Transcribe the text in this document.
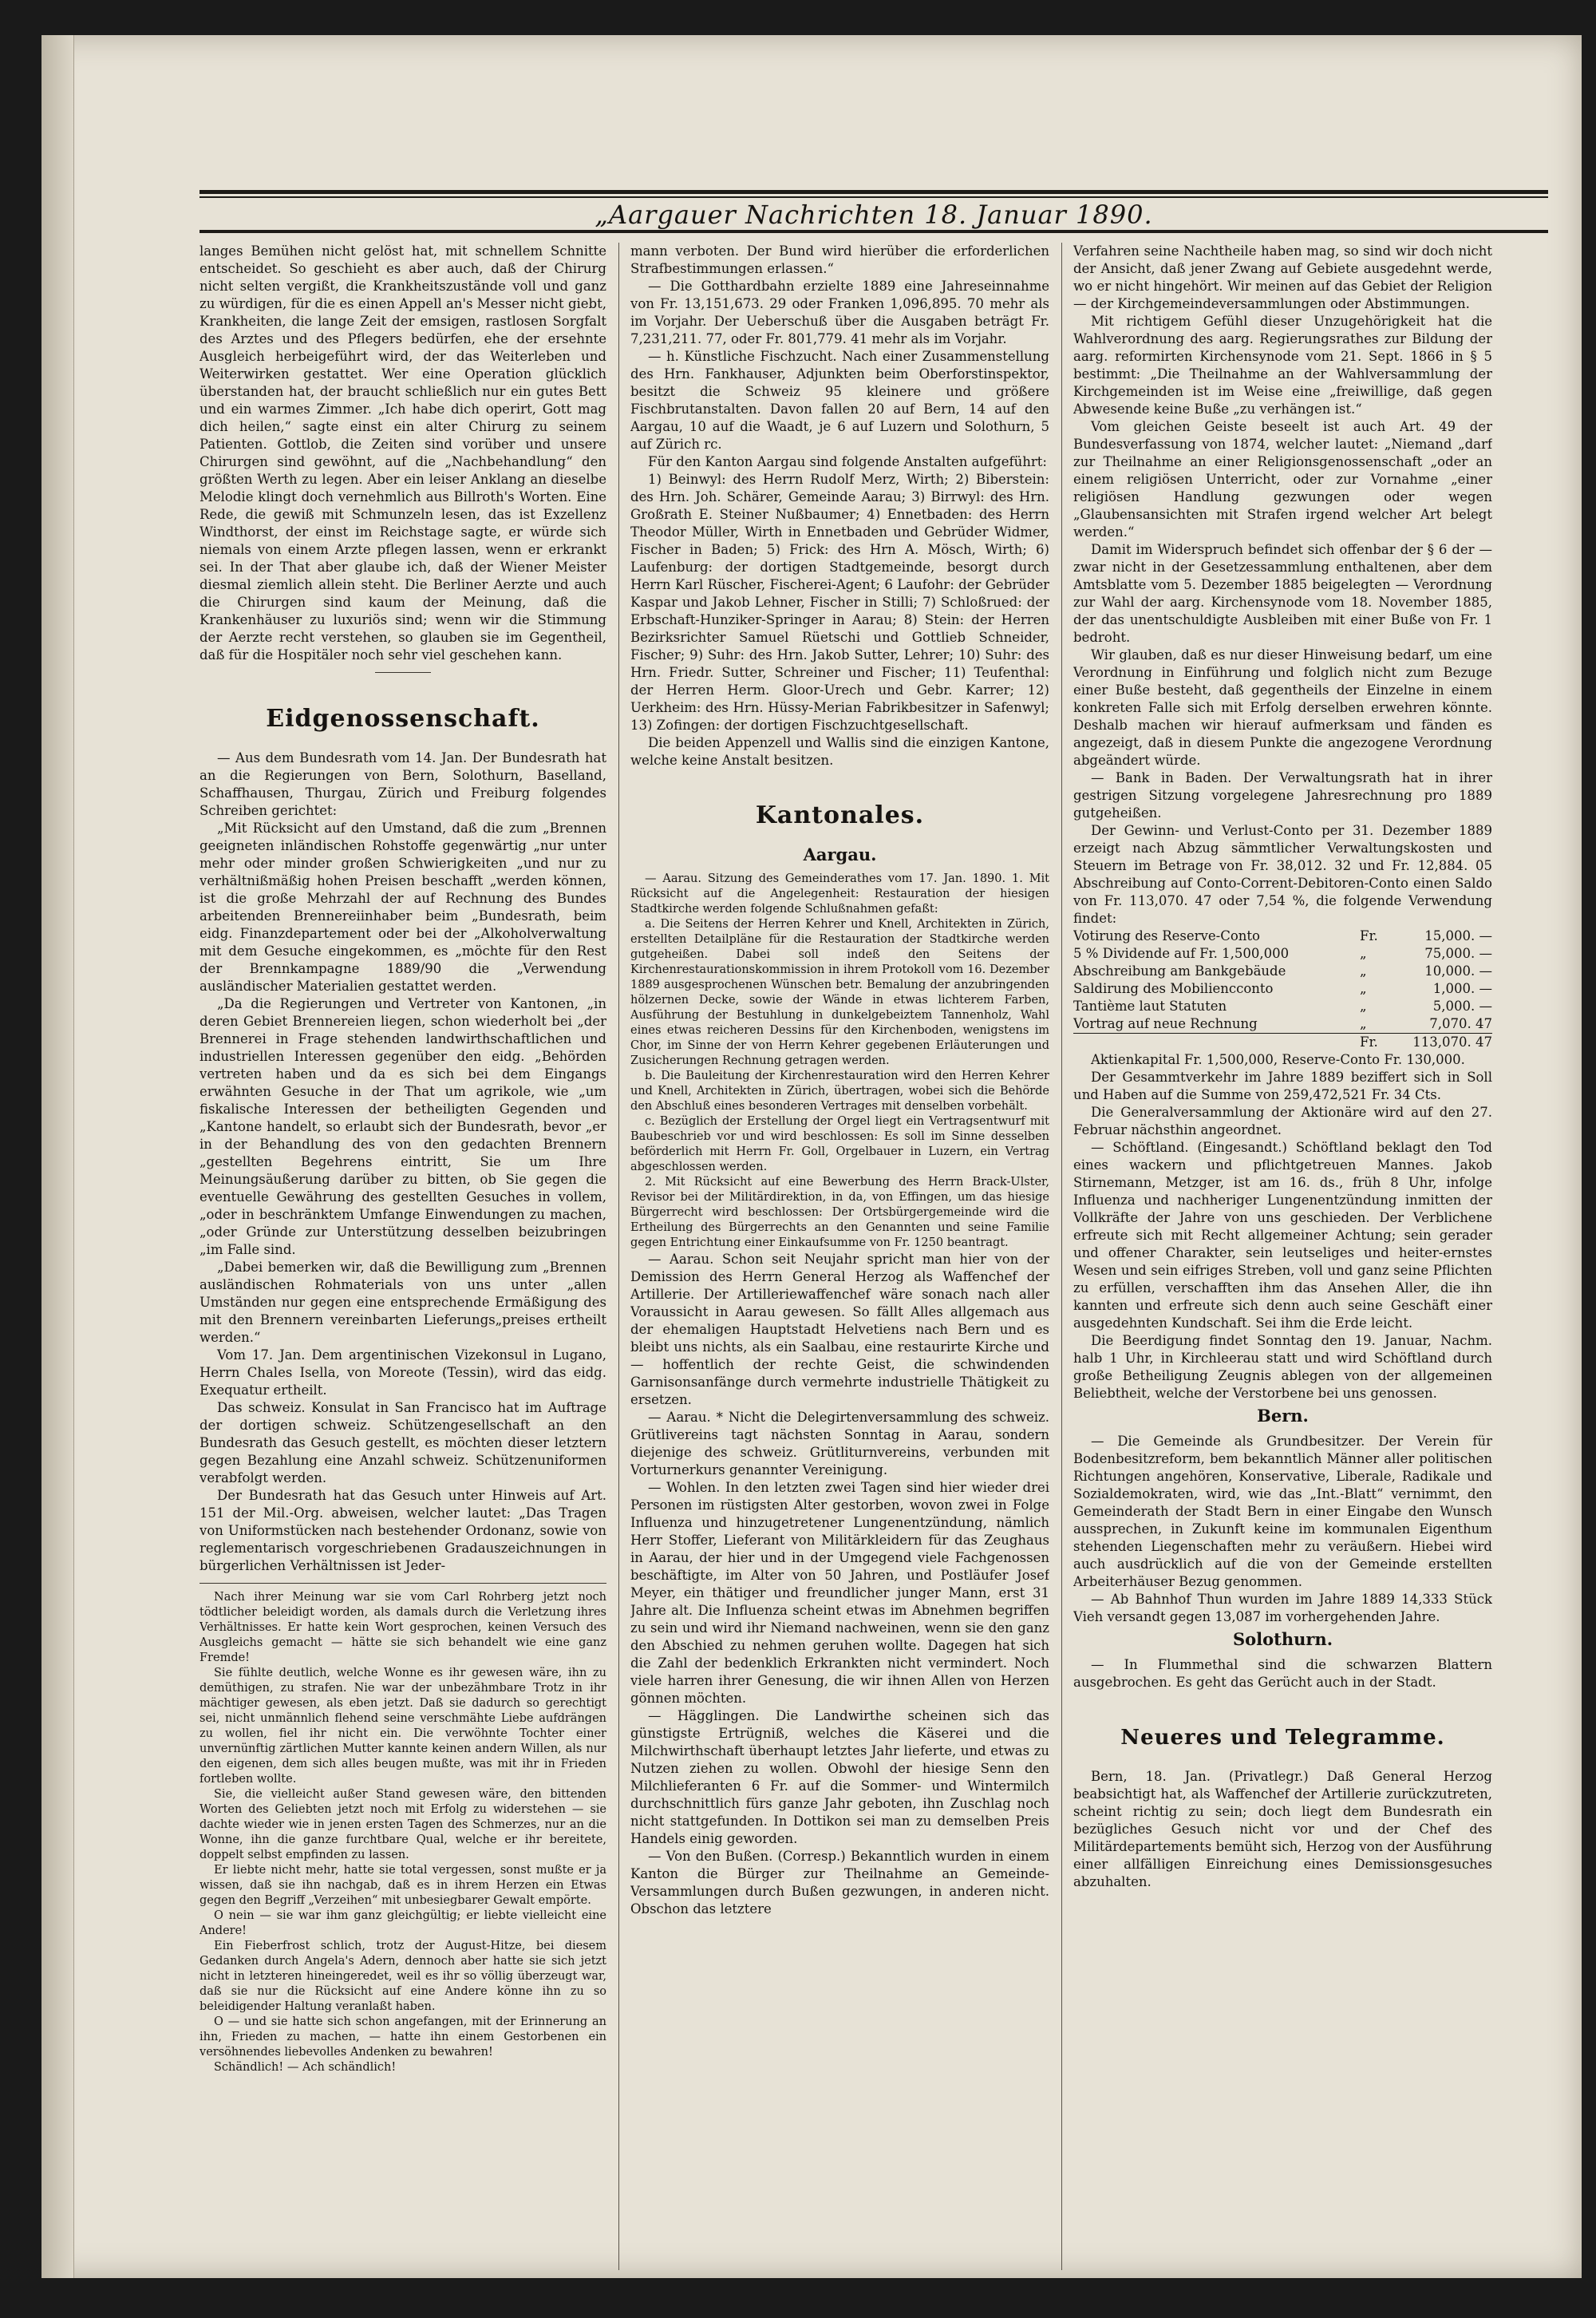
„Aargauer Nachrichten 18. Januar 1890.

langes Bemühen nicht gelöst hat, mit schnellem Schnitte entscheidet. So geschieht es aber auch, daß der Chirurg nicht selten vergißt, die Krankheitszustände voll und ganz zu würdigen, für die es einen Appell an's Messer nicht giebt, Krankheiten, die lange Zeit der emsigen, rastlosen Sorgfalt des Arztes und des Pflegers bedürfen, ehe der ersehnte Ausgleich herbeigeführt wird, der das Weiterleben und Weiterwirken gestattet. Wer eine Operation glücklich überstanden hat, der braucht schließlich nur ein gutes Bett und ein warmes Zimmer. „Ich habe dich operirt, Gott mag dich heilen,“ sagte einst ein alter Chirurg zu seinem Patienten. Gottlob, die Zeiten sind vorüber und unsere Chirurgen sind gewöhnt, auf die „Nachbehandlung“ den größten Werth zu legen. Aber ein leiser Anklang an dieselbe Melodie klingt doch vernehmlich aus Billroth's Worten. Eine Rede, die gewiß mit Schmunzeln lesen, das ist Exzellenz Windthorst, der einst im Reichstage sagte, er würde sich niemals von einem Arzte pflegen lassen, wenn er erkrankt sei. In der That aber glaube ich, daß der Wiener Meister diesmal ziemlich allein steht. Die Berliner Aerzte und auch die Chirurgen sind kaum der Meinung, daß die Krankenhäuser zu luxuriös sind; wenn wir die Stimmung der Aerzte recht verstehen, so glauben sie im Gegentheil, daß für die Hospitäler noch sehr viel geschehen kann.

Eidgenossenschaft.

— Aus dem Bundesrath vom 14. Jan. Der Bundesrath hat an die Regierungen von Bern, Solothurn, Baselland, Schaffhausen, Thurgau, Zürich und Freiburg folgendes Schreiben gerichtet:

„Mit Rücksicht auf den Umstand, daß die zum „Brennen geeigneten inländischen Rohstoffe gegenwärtig „nur unter mehr oder minder großen Schwierigkeiten „und nur zu verhältnißmäßig hohen Preisen beschafft „werden können, ist die große Mehrzahl der auf Rechnung des Bundes arbeitenden Brennereiinhaber beim „Bundesrath, beim eidg. Finanzdepartement oder bei der „Alkoholverwaltung mit dem Gesuche eingekommen, es „möchte für den Rest der Brennkampagne 1889/90 die „Verwendung ausländischer Materialien gestattet werden.

„Da die Regierungen und Vertreter von Kantonen, „in deren Gebiet Brennereien liegen, schon wiederholt bei „der Brennerei in Frage stehenden landwirthschaftlichen und industriellen Interessen gegenüber den eidg. „Behörden vertreten haben und da es sich bei dem Eingangs erwähnten Gesuche in der That um agrikole, wie „um fiskalische Interessen der betheiligten Gegenden und „Kantone handelt, so erlaubt sich der Bundesrath, bevor „er in der Behandlung des von den gedachten Brennern „gestellten Begehrens eintritt, Sie um Ihre Meinungsäußerung darüber zu bitten, ob Sie gegen die eventuelle Gewährung des gestellten Gesuches in vollem, „oder in beschränktem Umfange Einwendungen zu machen, „oder Gründe zur Unterstützung desselben beizubringen „im Falle sind.

„Dabei bemerken wir, daß die Bewilligung zum „Brennen ausländischen Rohmaterials von uns unter „allen Umständen nur gegen eine entsprechende Ermäßigung des mit den Brennern vereinbarten Lieferungs„preises ertheilt werden.“

Vom 17. Jan. Dem argentinischen Vizekonsul in Lugano, Herrn Chales Isella, von Moreote (Tessin), wird das eidg. Exequatur ertheilt.

Das schweiz. Konsulat in San Francisco hat im Auftrage der dortigen schweiz. Schützengesellschaft an den Bundesrath das Gesuch gestellt, es möchten dieser letztern gegen Bezahlung eine Anzahl schweiz. Schützenuniformen verabfolgt werden.

Der Bundesrath hat das Gesuch unter Hinweis auf Art. 151 der Mil.-Org. abweisen, welcher lautet: „Das Tragen von Uniformstücken nach bestehender Ordonanz, sowie von reglementarisch vorgeschriebenen Gradauszeichnungen in bürgerlichen Verhältnissen ist Jeder-

Nach ihrer Meinung war sie vom Carl Rohrberg jetzt noch tödtlicher beleidigt worden, als damals durch die Verletzung ihres Verhältnisses. Er hatte kein Wort gesprochen, keinen Versuch des Ausgleichs gemacht — hätte sie sich behandelt wie eine ganz Fremde!

Sie fühlte deutlich, welche Wonne es ihr gewesen wäre, ihn zu demüthigen, zu strafen. Nie war der unbezähmbare Trotz in ihr mächtiger gewesen, als eben jetzt. Daß sie dadurch so gerechtigt sei, nicht unmännlich flehend seine verschmähte Liebe aufdrängen zu wollen, fiel ihr nicht ein. Die verwöhnte Tochter einer unvernünftig zärtlichen Mutter kannte keinen andern Willen, als nur den eigenen, dem sich alles beugen mußte, was mit ihr in Frieden fortleben wollte.

Sie, die vielleicht außer Stand gewesen wäre, den bittenden Worten des Geliebten jetzt noch mit Erfolg zu widerstehen — sie dachte wieder wie in jenen ersten Tagen des Schmerzes, nur an die Wonne, ihn die ganze furchtbare Qual, welche er ihr bereitete, doppelt selbst empfinden zu lassen.

Er liebte nicht mehr, hatte sie total vergessen, sonst mußte er ja wissen, daß sie ihn nachgab, daß es in ihrem Herzen ein Etwas gegen den Begriff „Verzeihen“ mit unbesiegbarer Gewalt empörte.

O nein — sie war ihm ganz gleichgültig; er liebte vielleicht eine Andere!

Ein Fieberfrost schlich, trotz der August-Hitze, bei diesem Gedanken durch Angela's Adern, dennoch aber hatte sie sich jetzt nicht in letzteren hineingeredet, weil es ihr so völlig überzeugt war, daß sie nur die Rücksicht auf eine Andere könne ihn zu so beleidigender Haltung veranlaßt haben.

O — und sie hatte sich schon angefangen, mit der Erinnerung an ihn, Frieden zu machen, — hatte ihn einem Gestorbenen ein versöhnendes liebevolles Andenken zu bewahren!

Schändlich! — Ach schändlich!

mann verboten. Der Bund wird hierüber die erforderlichen Strafbestimmungen erlassen.“

— Die Gotthardbahn erzielte 1889 eine Jahreseinnahme von Fr. 13,151,673. 29 oder Franken 1,096,895. 70 mehr als im Vorjahr. Der Ueberschuß über die Ausgaben beträgt Fr. 7,231,211. 77, oder Fr. 801,779. 41 mehr als im Vorjahr.

— h. Künstliche Fischzucht. Nach einer Zusammenstellung des Hrn. Fankhauser, Adjunkten beim Oberforstinspektor, besitzt die Schweiz 95 kleinere und größere Fischbrutanstalten. Davon fallen 20 auf Bern, 14 auf den Aargau, 10 auf die Waadt, je 6 auf Luzern und Solothurn, 5 auf Zürich rc.

Für den Kanton Aargau sind folgende Anstalten aufgeführt:

1) Beinwyl: des Herrn Rudolf Merz, Wirth; 2) Biberstein: des Hrn. Joh. Schärer, Gemeinde Aarau; 3) Birrwyl: des Hrn. Großrath E. Steiner Nußbaumer; 4) Ennetbaden: des Herrn Theodor Müller, Wirth in Ennetbaden und Gebrüder Widmer, Fischer in Baden; 5) Frick: des Hrn A. Mösch, Wirth; 6) Laufenburg: der dortigen Stadtgemeinde, besorgt durch Herrn Karl Rüscher, Fischerei-Agent; 6 Laufohr: der Gebrüder Kaspar und Jakob Lehner, Fischer in Stilli; 7) Schloßrued: der Erbschaft-Hunziker-Springer in Aarau; 8) Stein: der Herren Bezirksrichter Samuel Rüetschi und Gottlieb Schneider, Fischer; 9) Suhr: des Hrn. Jakob Sutter, Lehrer; 10) Suhr: des Hrn. Friedr. Sutter, Schreiner und Fischer; 11) Teufenthal: der Herren Herm. Gloor-Urech und Gebr. Karrer; 12) Uerkheim: des Hrn. Hüssy-Merian Fabrikbesitzer in Safenwyl; 13) Zofingen: der dortigen Fischzuchtgesellschaft.

Die beiden Appenzell und Wallis sind die einzigen Kantone, welche keine Anstalt besitzen.

Kantonales.
Aargau.

— Aarau. Sitzung des Gemeinderathes vom 17. Jan. 1890. 1. Mit Rücksicht auf die Angelegenheit: Restauration der hiesigen Stadtkirche werden folgende Schlußnahmen gefaßt:

a. Die Seitens der Herren Kehrer und Knell, Architekten in Zürich, erstellten Detailpläne für die Restauration der Stadtkirche werden gutgeheißen. Dabei soll indeß den Seitens der Kirchenrestaurationskommission in ihrem Protokoll vom 16. Dezember 1889 ausgesprochenen Wünschen betr. Bemalung der anzubringenden hölzernen Decke, sowie der Wände in etwas lichterem Farben, Ausführung der Bestuhlung in dunkelgebeiztem Tannenholz, Wahl eines etwas reicheren Dessins für den Kirchenboden, wenigstens im Chor, im Sinne der von Herrn Kehrer gegebenen Erläuterungen und Zusicherungen Rechnung getragen werden.

b. Die Bauleitung der Kirchenrestauration wird den Herren Kehrer und Knell, Architekten in Zürich, übertragen, wobei sich die Behörde den Abschluß eines besonderen Vertrages mit denselben vorbehält.

c. Bezüglich der Erstellung der Orgel liegt ein Vertragsentwurf mit Baubeschrieb vor und wird beschlossen: Es soll im Sinne desselben beförderlich mit Herrn Fr. Goll, Orgelbauer in Luzern, ein Vertrag abgeschlossen werden.

2. Mit Rücksicht auf eine Bewerbung des Herrn Brack-Ulster, Revisor bei der Militärdirektion, in da, von Effingen, um das hiesige Bürgerrecht wird beschlossen: Der Ortsbürgergemeinde wird die Ertheilung des Bürgerrechts an den Genannten und seine Familie gegen Entrichtung einer Einkaufsumme von Fr. 1250 beantragt.

— Aarau. Schon seit Neujahr spricht man hier von der Demission des Herrn General Herzog als Waffenchef der Artillerie. Der Artilleriewaffenchef wäre sonach nach aller Voraussicht in Aarau gewesen. So fällt Alles allgemach aus der ehemaligen Hauptstadt Helvetiens nach Bern und es bleibt uns nichts, als ein Saalbau, eine restaurirte Kirche und — hoffentlich der rechte Geist, die schwindenden Garnisonsanfänge durch vermehrte industrielle Thätigkeit zu ersetzen.

— Aarau. * Nicht die Delegirtenversammlung des schweiz. Grütlivereins tagt nächsten Sonntag in Aarau, sondern diejenige des schweiz. Grütliturnvereins, verbunden mit Vorturnerkurs genannter Vereinigung.

— Wohlen. In den letzten zwei Tagen sind hier wieder drei Personen im rüstigsten Alter gestorben, wovon zwei in Folge Influenza und hinzugetretener Lungenentzündung, nämlich Herr Stoffer, Lieferant von Militärkleidern für das Zeughaus in Aarau, der hier und in der Umgegend viele Fachgenossen beschäftigte, im Alter von 50 Jahren, und Postläufer Josef Meyer, ein thätiger und freundlicher junger Mann, erst 31 Jahre alt. Die Influenza scheint etwas im Abnehmen begriffen zu sein und wird ihr Niemand nachweinen, wenn sie den ganz den Abschied zu nehmen geruhen wollte. Dagegen hat sich die Zahl der bedenklich Erkrankten nicht vermindert. Noch viele harren ihrer Genesung, die wir ihnen Allen von Herzen gönnen möchten.

— Hägglingen. Die Landwirthe scheinen sich das günstigste Ertrügniß, welches die Käserei und die Milchwirthschaft überhaupt letztes Jahr lieferte, und etwas zu Nutzen ziehen zu wollen. Obwohl der hiesige Senn den Milchlieferanten 6 Fr. auf die Sommer- und Wintermilch durchschnittlich fürs ganze Jahr geboten, ihn Zuschlag noch nicht stattgefunden. In Dottikon sei man zu demselben Preis Handels einig geworden.

— Von den Bußen. (Corresp.) Bekanntlich wurden in einem Kanton die Bürger zur Theilnahme an Gemeinde-Versammlungen durch Bußen gezwungen, in anderen nicht. Obschon das letztere

Verfahren seine Nachtheile haben mag, so sind wir doch nicht der Ansicht, daß jener Zwang auf Gebiete ausgedehnt werde, wo er nicht hingehört. Wir meinen auf das Gebiet der Religion — der Kirchgemeindeversammlungen oder Abstimmungen.

Mit richtigem Gefühl dieser Unzugehörigkeit hat die Wahlverordnung des aarg. Regierungsrathes zur Bildung der aarg. reformirten Kirchensynode vom 21. Sept. 1866 in § 5 bestimmt: „Die Theilnahme an der Wahlversammlung der Kirchgemeinden ist im Weise eine „freiwillige, daß gegen Abwesende keine Buße „zu verhängen ist.“

Vom gleichen Geiste beseelt ist auch Art. 49 der Bundesverfassung von 1874, welcher lautet: „Niemand „darf zur Theilnahme an einer Religionsgenossenschaft „oder an einem religiösen Unterricht, oder zur Vornahme „einer religiösen Handlung gezwungen oder wegen „Glaubensansichten mit Strafen irgend welcher Art belegt werden.“

Damit im Widerspruch befindet sich offenbar der § 6 der — zwar nicht in der Gesetzessammlung enthaltenen, aber dem Amtsblatte vom 5. Dezember 1885 beigelegten — Verordnung zur Wahl der aarg. Kirchensynode vom 18. November 1885, der das unentschuldigte Ausbleiben mit einer Buße von Fr. 1 bedroht.

Wir glauben, daß es nur dieser Hinweisung bedarf, um eine Verordnung in Einführung und folglich nicht zum Bezuge einer Buße besteht, daß gegentheils der Einzelne in einem konkreten Falle sich mit Erfolg derselben erwehren könnte. Deshalb machen wir hierauf aufmerksam und fänden es angezeigt, daß in diesem Punkte die angezogene Verordnung abgeändert würde.

— Bank in Baden. Der Verwaltungsrath hat in ihrer gestrigen Sitzung vorgelegene Jahresrechnung pro 1889 gutgeheißen.

Der Gewinn- und Verlust-Conto per 31. Dezember 1889 erzeigt nach Abzug sämmtlicher Verwaltungskosten und Steuern im Betrage von Fr. 38,012. 32 und Fr. 12,884. 05 Abschreibung auf Conto-Corrent-Debitoren-Conto einen Saldo von Fr. 113,070. 47 oder 7,54 %, die folgende Verwendung findet:

Votirung des Reserve-Conto	Fr.	15,000. —
5 % Dividende auf Fr. 1,500,000	„	75,000. —
Abschreibung am Bankgebäude	„	10,000. —
Saldirung des Mobiliencconto	„	1,000. —
Tantième laut Statuten	„	5,000. —
Vortrag auf neue Rechnung	„	7,070. 47
	Fr.	113,070. 47

Aktienkapital Fr. 1,500,000, Reserve-Conto Fr. 130,000.

Der Gesammtverkehr im Jahre 1889 beziffert sich in Soll und Haben auf die Summe von 259,472,521 Fr. 34 Cts.

Die Generalversammlung der Aktionäre wird auf den 27. Februar nächsthin angeordnet.

— Schöftland. (Eingesandt.) Schöftland beklagt den Tod eines wackern und pflichtgetreuen Mannes. Jakob Stirnemann, Metzger, ist am 16. ds., früh 8 Uhr, infolge Influenza und nachheriger Lungenentzündung inmitten der Vollkräfte der Jahre von uns geschieden. Der Verblichene erfreute sich mit Recht allgemeiner Achtung; sein gerader und offener Charakter, sein leutseliges und heiter-ernstes Wesen und sein eifriges Streben, voll und ganz seine Pflichten zu erfüllen, verschafften ihm das Ansehen Aller, die ihn kannten und erfreute sich denn auch seine Geschäft einer ausgedehnten Kundschaft. Sei ihm die Erde leicht.

Die Beerdigung findet Sonntag den 19. Januar, Nachm. halb 1 Uhr, in Kirchleerau statt und wird Schöftland durch große Betheiligung Zeugnis ablegen von der allgemeinen Beliebtheit, welche der Verstorbene bei uns genossen.

Bern.

— Die Gemeinde als Grundbesitzer. Der Verein für Bodenbesitzreform, bem bekanntlich Männer aller politischen Richtungen angehören, Konservative, Liberale, Radikale und Sozialdemokraten, wird, wie das „Int.-Blatt“ vernimmt, den Gemeinderath der Stadt Bern in einer Eingabe den Wunsch aussprechen, in Zukunft keine im kommunalen Eigenthum stehenden Liegenschaften mehr zu veräußern. Hiebei wird auch ausdrücklich auf die von der Gemeinde erstellten Arbeiterhäuser Bezug genommen.

— Ab Bahnhof Thun wurden im Jahre 1889 14,333 Stück Vieh versandt gegen 13,087 im vorhergehenden Jahre.

Solothurn.

— In Flummethal sind die schwarzen Blattern ausgebrochen. Es geht das Gerücht auch in der Stadt.

Neueres und Telegramme.

Bern, 18. Jan. (Privatlegr.) Daß General Herzog beabsichtigt hat, als Waffenchef der Artillerie zurückzutreten, scheint richtig zu sein; doch liegt dem Bundesrath ein bezügliches Gesuch nicht vor und der Chef des Militärdepartements bemüht sich, Herzog von der Ausführung einer allfälligen Einreichung eines Demissionsgesuches abzuhalten.
